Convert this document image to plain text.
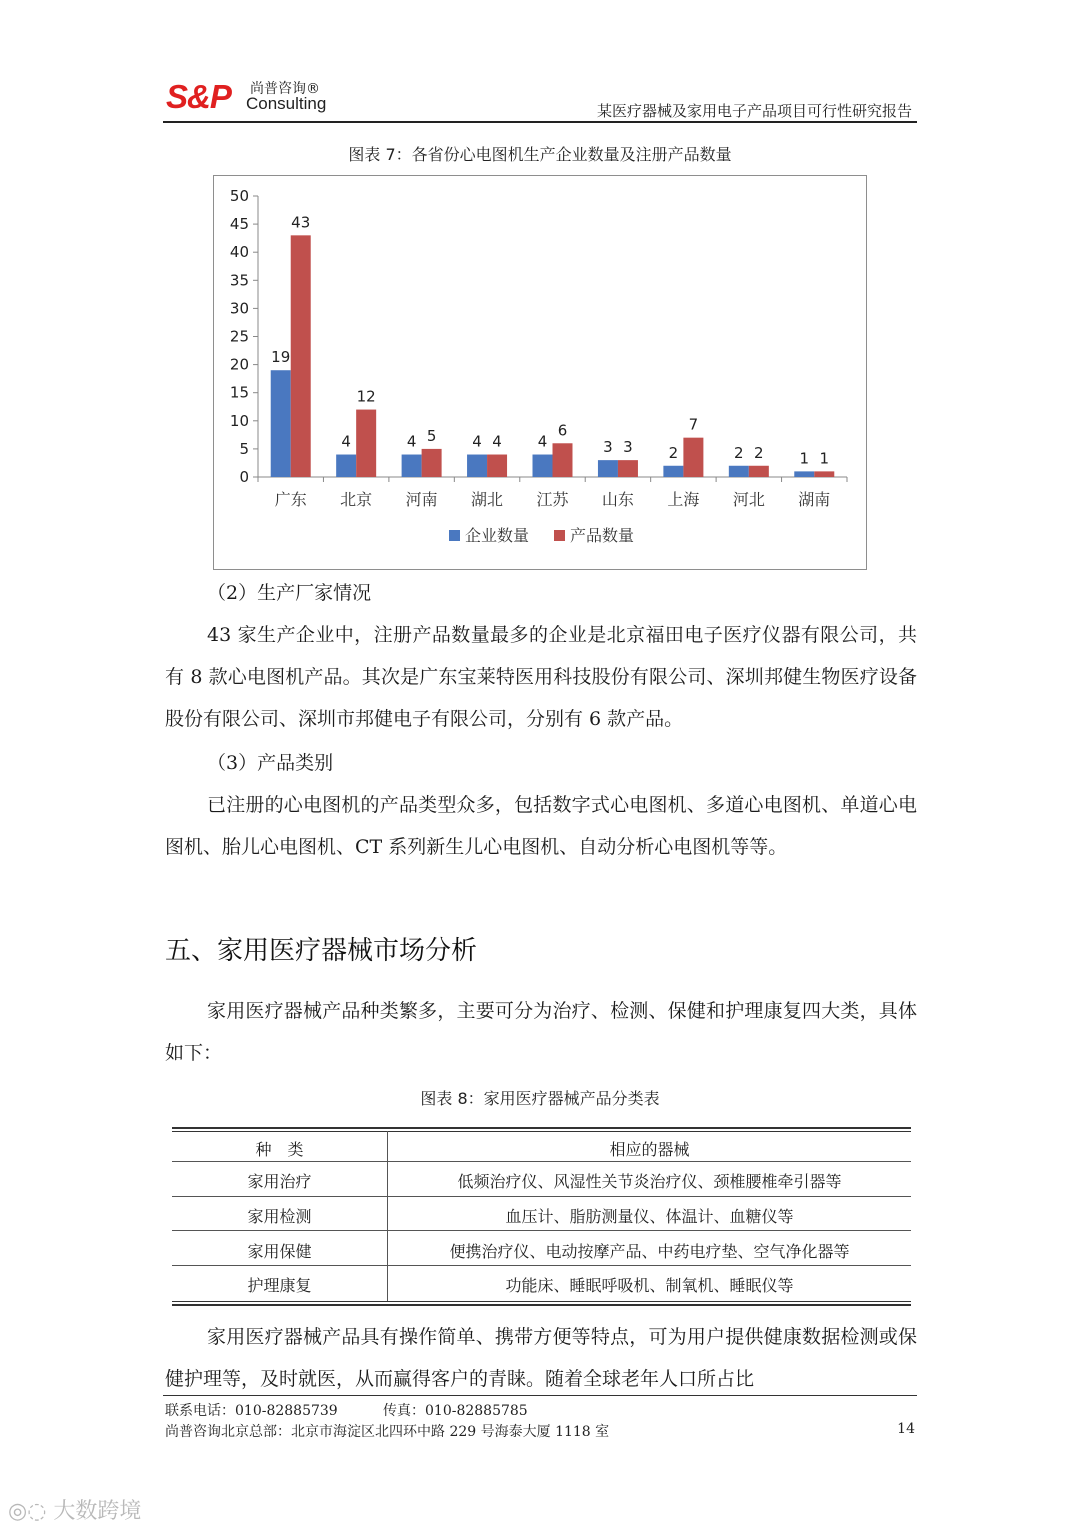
S&P 尚普咨询®
Consulting	某医疗器械及家用电子产品项目可行性研究报告
图表 7：各省份心电图机生产企业数量及注册产品数量
0
5
10
15
20
25
30
35
40
45
50
19
43
广东
4
12
北京
4 5
河南
4 4
湖北
4
6
江苏
3 3
山东
2
7
上海
2 2
河北
1 1
湖南
企业数量	产品数量
（2）生产厂家情况
43 家生产企业中，注册产品数量最多的企业是北京福田电子医疗仪器有限公司，共有 8 款心电图机产品。其次是广东宝莱特医用科技股份有限公司、深圳邦健生物医疗设备股份有限公司、深圳市邦健电子有限公司，分别有 6 款产品。
（3）产品类别
已注册的心电图机的产品类型众多，包括数字式心电图机、多道心电图机、单道心电图机、胎儿心电图机、CT 系列新生儿心电图机、自动分析心电图机等等。
五、家用医疗器械市场分析
家用医疗器械产品种类繁多，主要可分为治疗、检测、保健和护理康复四大类，具体如下：
图表 8：家用医疗器械产品分类表
种　类	相应的器械
家用治疗	低频治疗仪、风湿性关节炎治疗仪、颈椎腰椎牵引器等
家用检测	血压计、脂肪测量仪、体温计、血糖仪等
家用保健	便携治疗仪、电动按摩产品、中药电疗垫、空气净化器等
护理康复	功能床、睡眠呼吸机、制氧机、睡眠仪等
家用医疗器械产品具有操作简单、携带方便等特点，可为用户提供健康数据检测或保健护理等，及时就医，从而赢得客户的青睐。随着全球老年人口所占比
联系电话：010-82885739	传真：010-82885785
尚普咨询北京总部：北京市海淀区北四环中路 229 号海泰大厦 1118 室	14
◎◌ 大数跨境
